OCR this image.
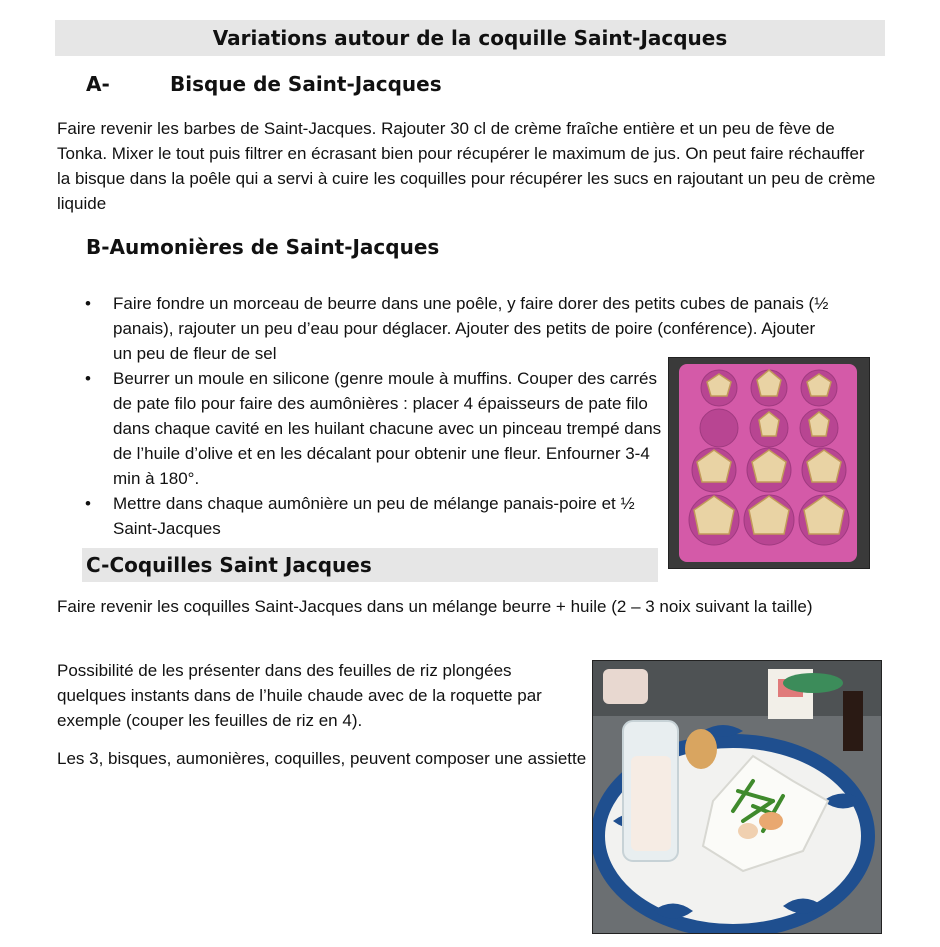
Variations autour de la coquille Saint-Jacques
A-	Bisque de Saint-Jacques

Faire revenir les barbes de Saint-Jacques. Rajouter 30 cl de crème fraîche entière et un peu de fève de Tonka. Mixer le tout puis filtrer en écrasant bien pour récupérer le maximum de jus. On peut faire réchauffer la bisque dans la poêle qui a servi à cuire les coquilles pour récupérer les sucs en rajoutant un peu de crème liquide

B-Aumonières de Saint-Jacques
• Faire fondre un morceau de beurre dans une poêle, y faire dorer des petits cubes de panais (½ panais), rajouter un peu d’eau pour déglacer. Ajouter des petits de poire (conférence). Ajouter un peu de fleur de sel
• Beurrer un moule en silicone (genre moule à muffins. Couper des carrés de pate filo pour faire des aumônières : placer 4 épaisseurs de pate filo dans chaque cavité en les huilant chacune avec un pinceau trempé dans de l’huile d’olive et en les décalant pour obtenir une fleur. Enfourner 3-4 min à 180°.
• Mettre dans chaque aumônière un peu de mélange panais-poire et ½ Saint-Jacques
C-Coquilles Saint Jacques

Faire revenir les coquilles Saint-Jacques dans un mélange beurre + huile (2 – 3 noix suivant la taille)

Possibilité de les présenter dans des feuilles de riz plongées quelques instants dans de l’huile chaude avec de la roquette par exemple (couper les feuilles de riz en 4).

Les 3, bisques, aumonières, coquilles, peuvent composer une assiette
